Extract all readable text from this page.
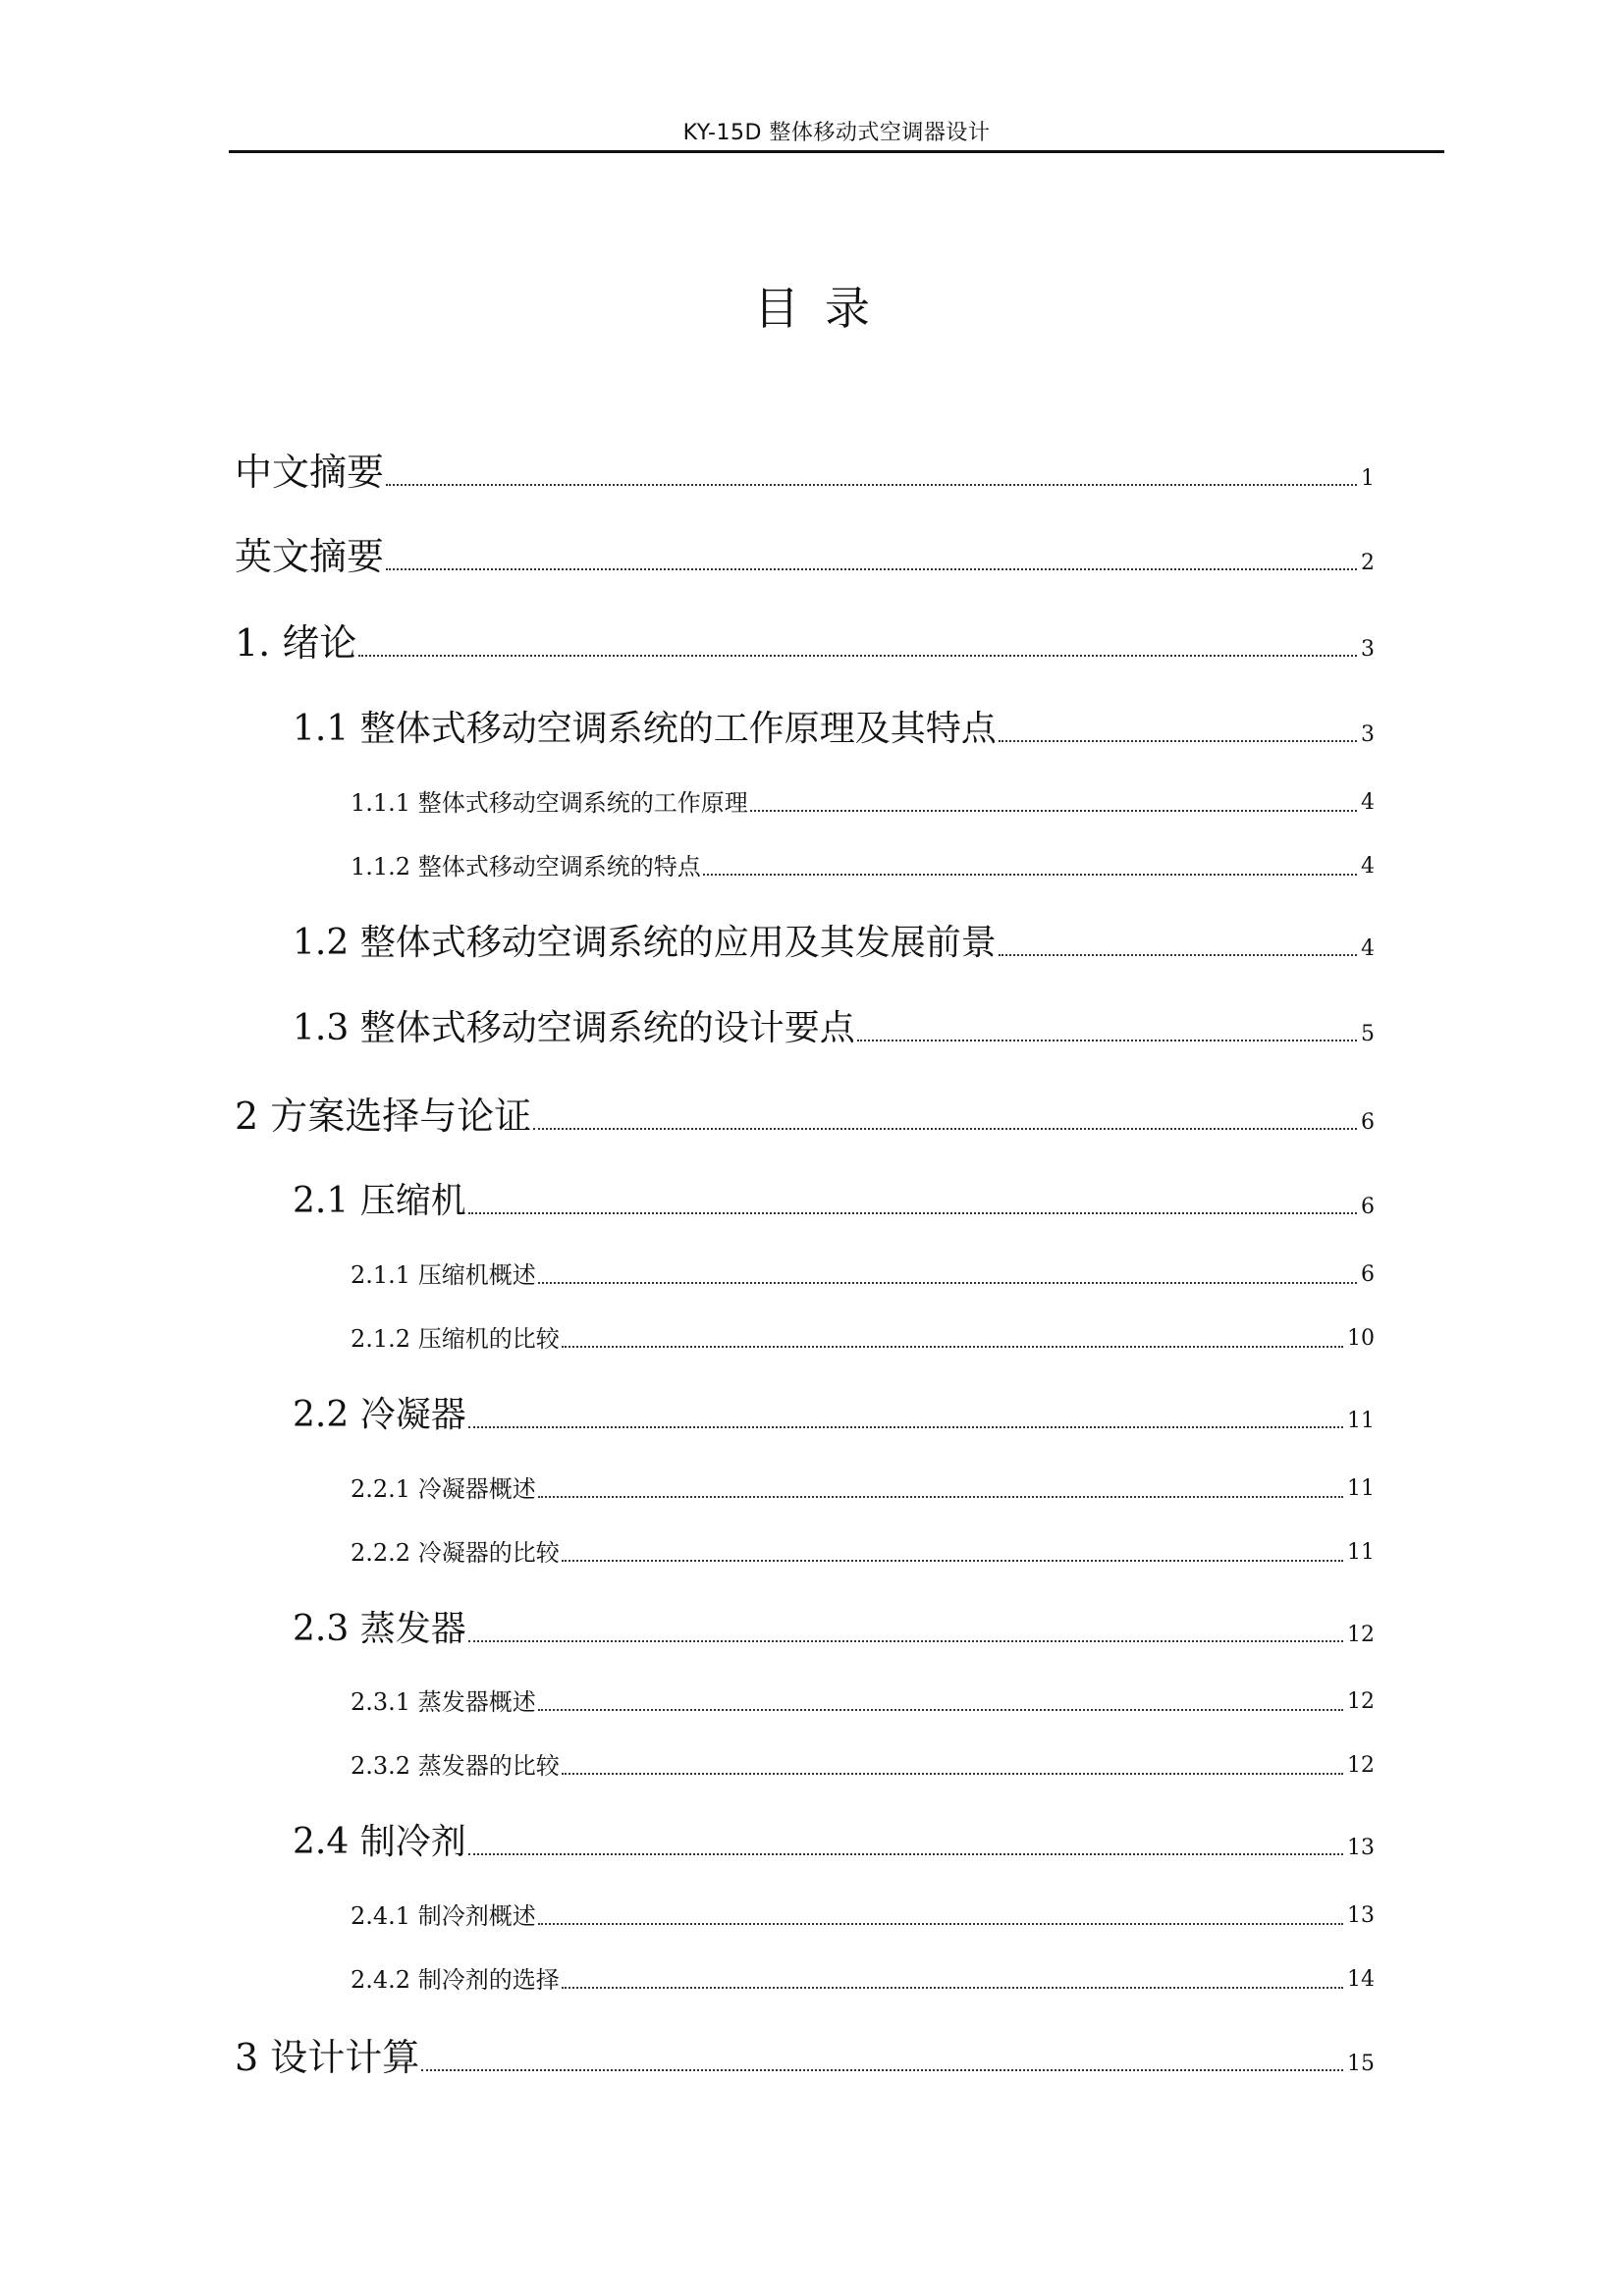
KY-15D 整体移动式空调器设计
目录
中文摘要	1
英文摘要	2
1. 绪论	3
1.1 整体式移动空调系统的工作原理及其特点	3
1.1.1 整体式移动空调系统的工作原理	4
1.1.2 整体式移动空调系统的特点	4
1.2 整体式移动空调系统的应用及其发展前景	4
1.3 整体式移动空调系统的设计要点	5
2 方案选择与论证	6
2.1 压缩机	6
2.1.1 压缩机概述	6
2.1.2 压缩机的比较	10
2.2 冷凝器	11
2.2.1 冷凝器概述	11
2.2.2 冷凝器的比较	11
2.3 蒸发器	12
2.3.1 蒸发器概述	12
2.3.2 蒸发器的比较	12
2.4 制冷剂	13
2.4.1 制冷剂概述	13
2.4.2 制冷剂的选择	14
3 设计计算	15
